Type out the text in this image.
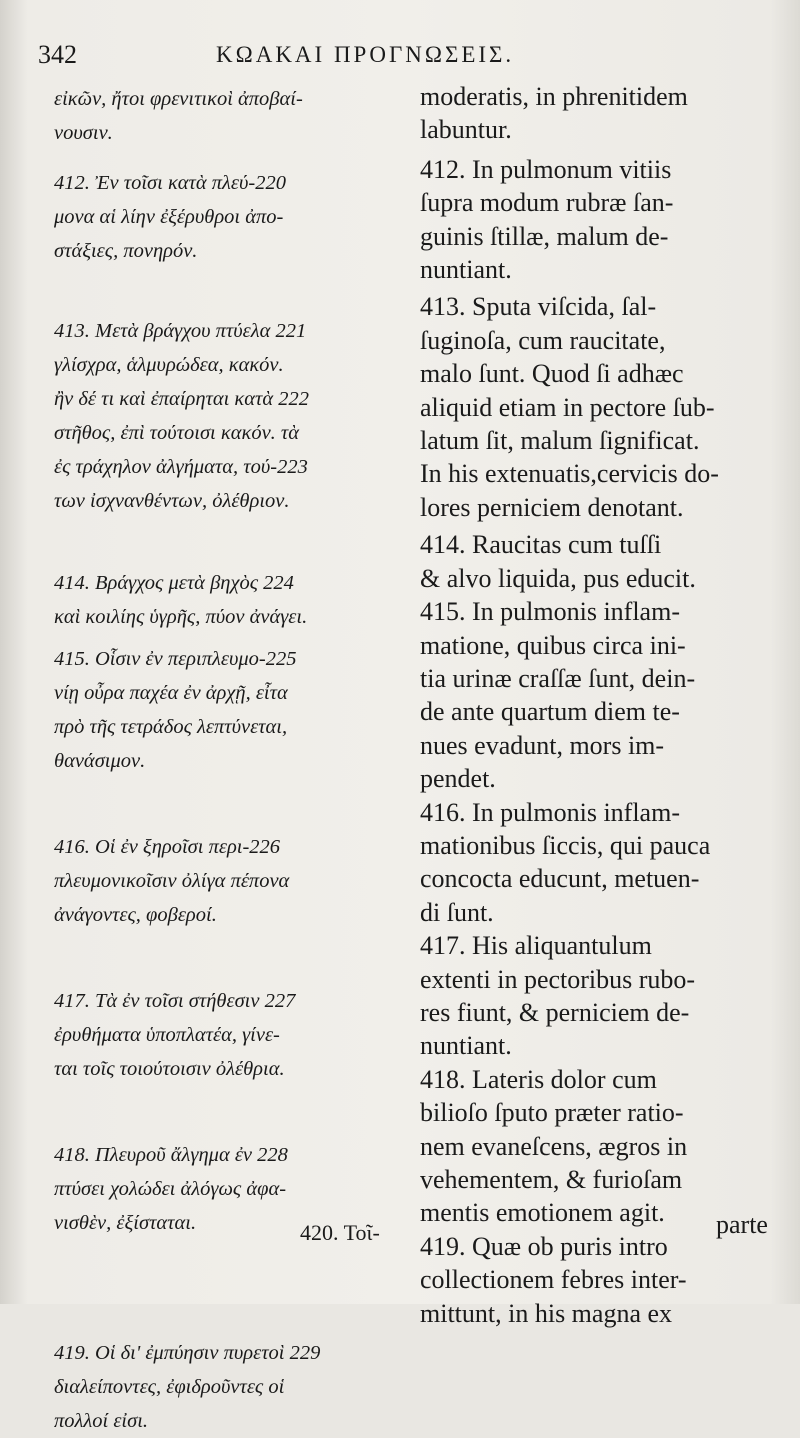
342	ΚΩΑΚΑΙ ΠΡΟΓΝΩΣΕΙΣ.
εἰκῶν, ἤτοι φρενιτικοὶ ἀποβαί-
νουσιν.
412. Ἐν τοῖσι κατὰ πλεύ-220
μονα αἱ λίην ἐξέρυθροι ἀπο-
στάξιες, πονηρόν.
413. Μετὰ βράγχου πτύελα 221
γλίσχρα, ἁλμυρώδεα, κακόν.
ἢν δέ τι καὶ ἐπαίρηται κατὰ 222
στῆθος, ἐπὶ τούτοισι κακόν. τὰ
ἐς τράχηλον ἀλγήματα, τού-223
των ἰσχνανθέντων, ὀλέθριον.
414. Βράγχος μετὰ βηχὸς 224
καὶ κοιλίης ὑγρῆς, πύον ἀνάγει.
415. Οἷσιν ἐν περιπλευμο-225
νίῃ οὖρα παχέα ἐν ἀρχῇ, εἶτα
πρὸ τῆς τετράδος λεπτύνεται,
θανάσιμον.
416. Οἱ ἐν ξηροῖσι περι-226
πλευμονικοῖσιν ὀλίγα πέπονα
ἀνάγοντες, φοβεροί.
417. Τὰ ἐν τοῖσι στήθεσιν 227
ἐρυθήματα ὑποπλατέα, γίνε-
ται τοῖς τοιούτοισιν ὀλέθρια.
418. Πλευροῦ ἄλγημα ἐν 228
πτύσει χολώδει ἀλόγως ἀφα-
νισθὲν, ἐξίσταται.
419. Οἱ δι' ἐμπύησιν πυρετοὶ 229
διαλείποντες, ἐφιδροῦντες οἱ
πολλοί εἰσι.
moderatis, in phrenitidem
labuntur.
412. In pulmonum vitiis
ſupra modum rubræ ſan-
guinis ſtillæ, malum de-
nuntiant.
413. Sputa viſcida, ſal-
ſuginoſa, cum raucitate,
malo ſunt. Quod ſi adhæc
aliquid etiam in pectore ſub-
latum ſit, malum ſignificat.
In his extenuatis,cervicis do-
lores perniciem denotant.
414. Raucitas cum tuſſi
& alvo liquida, pus educit.
415. In pulmonis inflam-
matione, quibus circa ini-
tia urinæ craſſæ ſunt, dein-
de ante quartum diem te-
nues evadunt, mors im-
pendet.
416. In pulmonis inflam-
mationibus ſiccis, qui pauca
concocta educunt, metuen-
di ſunt.
417. His aliquantulum
extenti in pectoribus rubo-
res fiunt, & perniciem de-
nuntiant.
418. Lateris dolor cum
bilioſo ſputo præter ratio-
nem evaneſcens, ægros in
vehementem, & furioſam
mentis emotionem agit.
419. Quæ ob puris intro
collectionem febres inter-
mittunt, in his magna ex
420. Τοῖ-	parte
